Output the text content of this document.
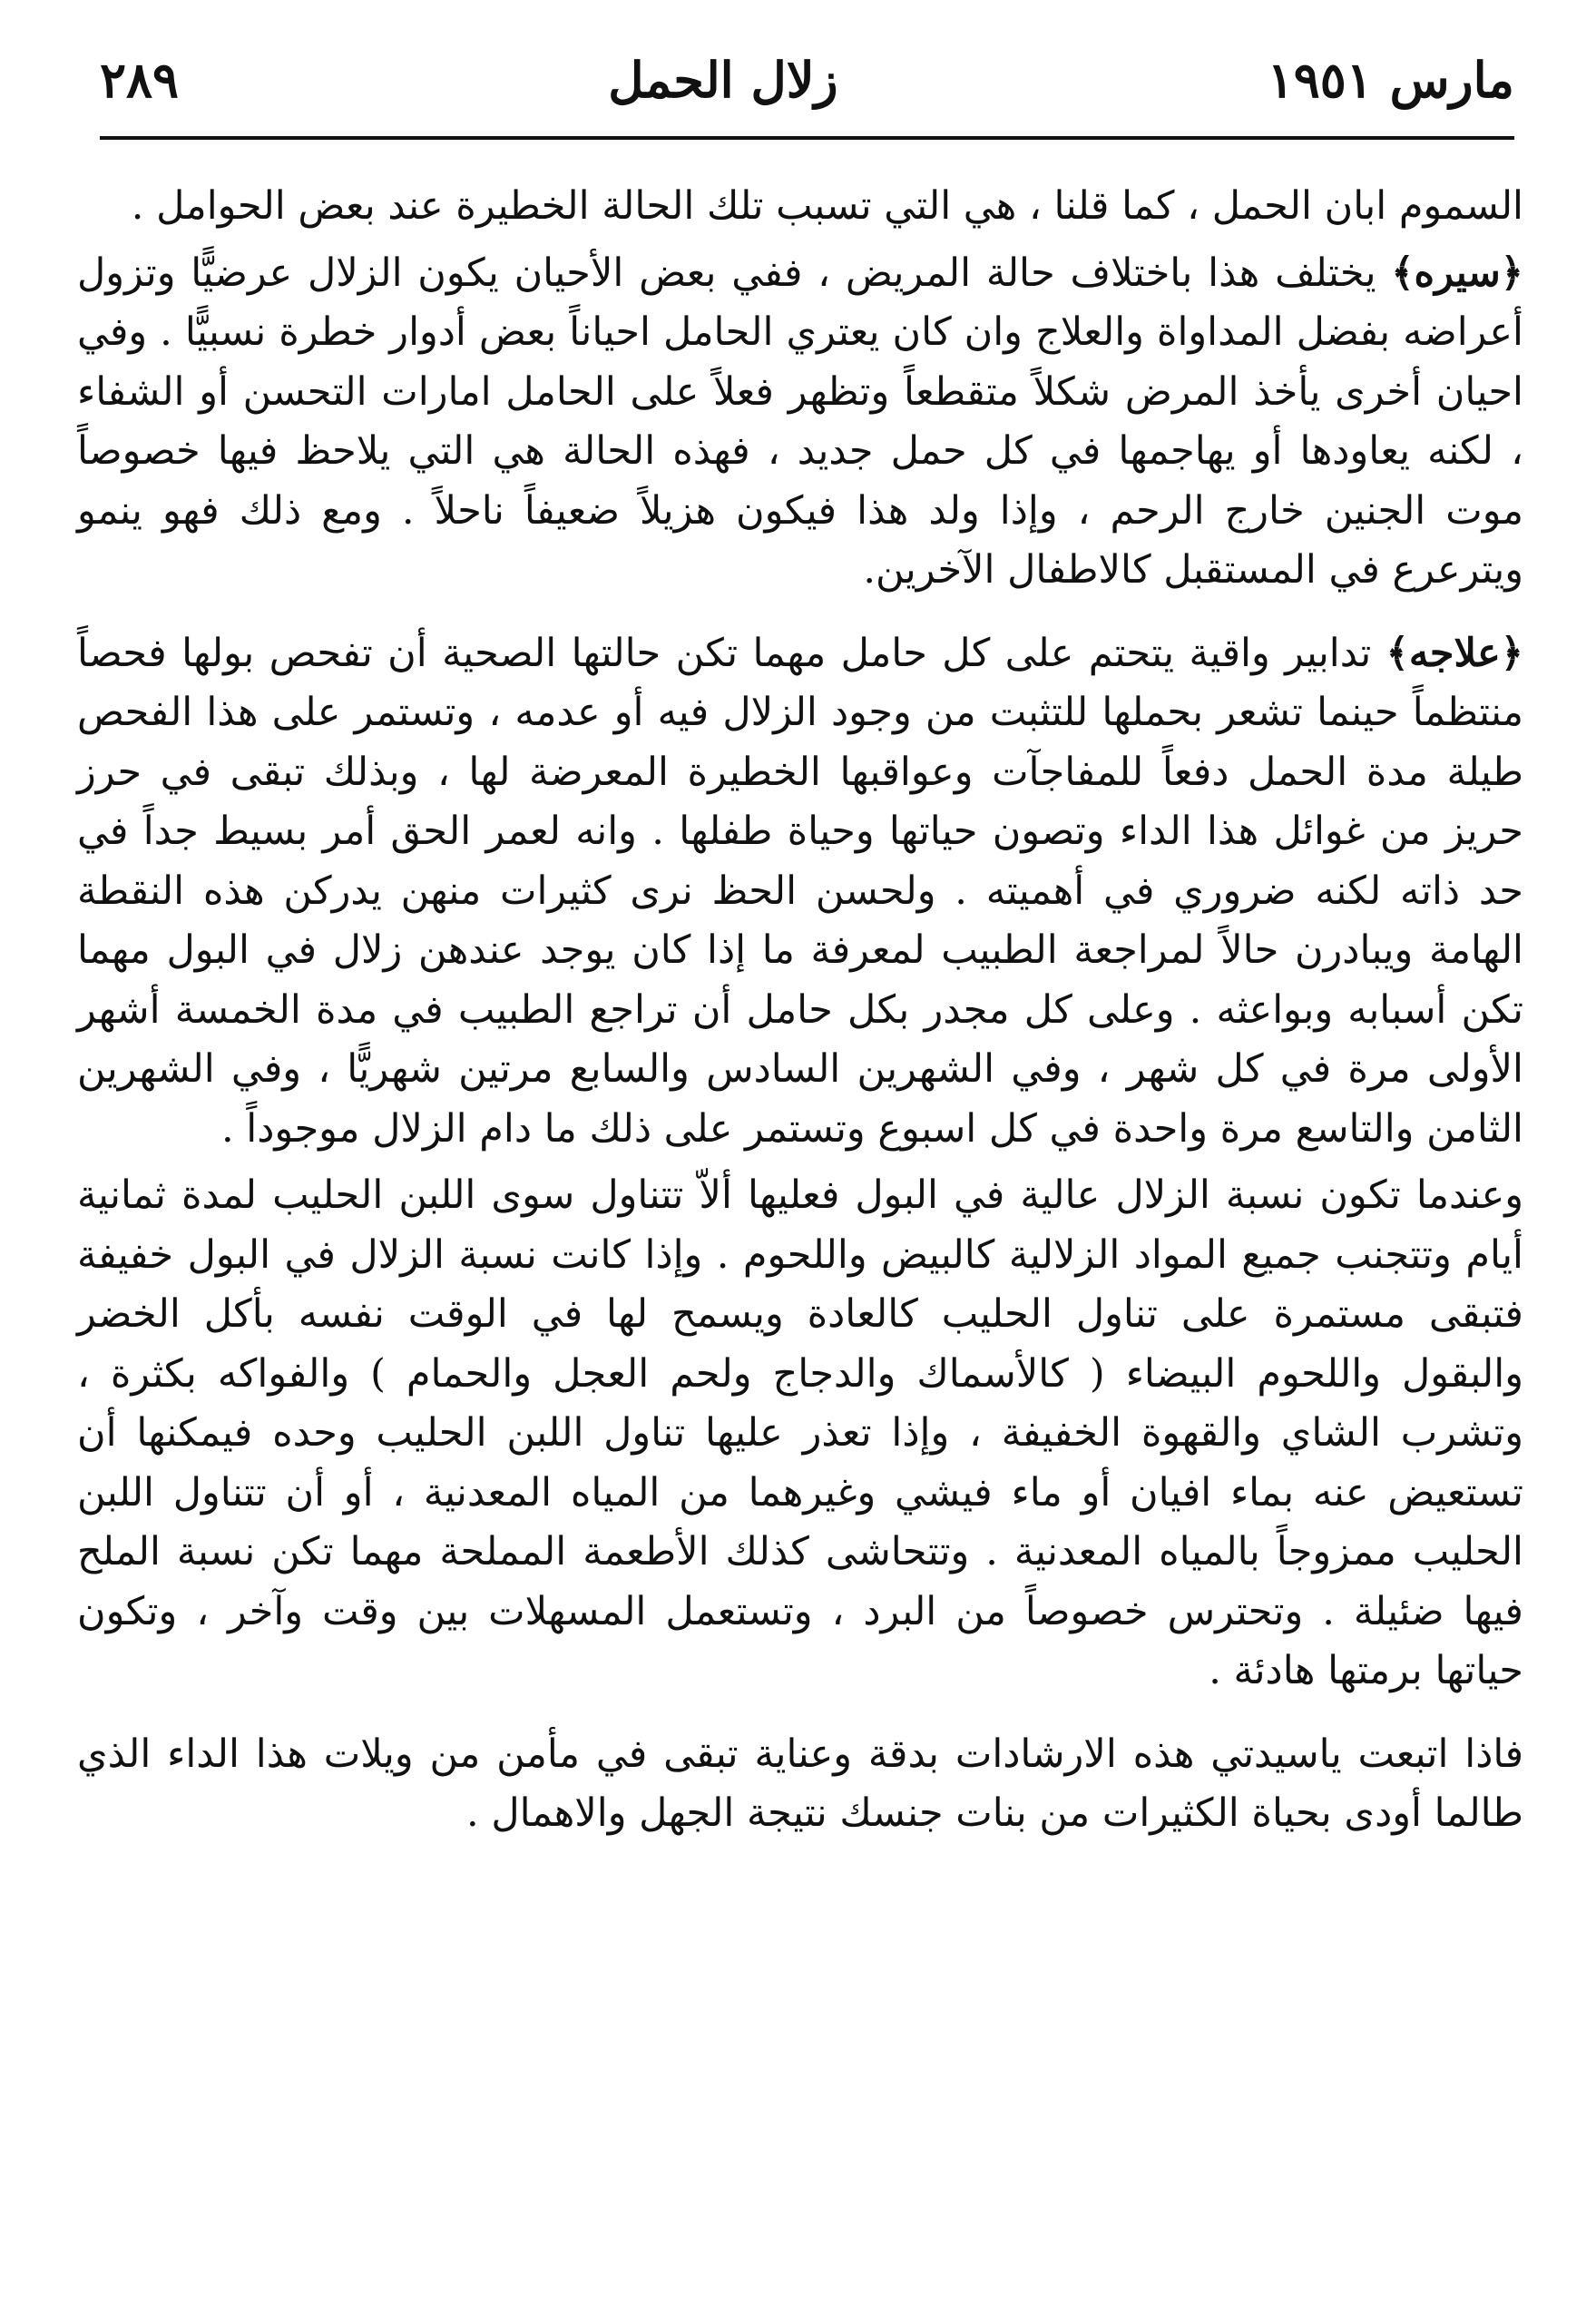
مارس ١٩٥١
زلال الحمل
٢٨٩

السموم ابان الحمل ، كما قلنا ، هي التي تسبب تلك الحالة الخطيرة عند بعض الحوامل .

﴿سيره﴾ يختلف هذا باختلاف حالة المريض ، ففي بعض الأحيان يكون الزلال عرضيًّا وتزول أعراضه بفضل المداواة والعلاج وان كان يعتري الحامل احياناً بعض أدوار خطرة نسبيًّا . وفي احيان أخرى يأخذ المرض شكلاً متقطعاً وتظهر فعلاً على الحامل امارات التحسن أو الشفاء ، لكنه يعاودها أو يهاجمها في كل حمل جديد ، فهذه الحالة هي التي يلاحظ فيها خصوصاً موت الجنين خارج الرحم ، وإذا ولد هذا فيكون هزيلاً ضعيفاً ناحلاً . ومع ذلك فهو ينمو ويترعرع في المستقبل كالاطفال الآخرين.

﴿علاجه﴾ تدابير واقية يتحتم على كل حامل مهما تكن حالتها الصحية أن تفحص بولها فحصاً منتظماً حينما تشعر بحملها للتثبت من وجود الزلال فيه أو عدمه ، وتستمر على هذا الفحص طيلة مدة الحمل دفعاً للمفاجآت وعواقبها الخطيرة المعرضة لها ، وبذلك تبقى في حرز حريز من غوائل هذا الداء وتصون حياتها وحياة طفلها . وانه لعمر الحق أمر بسيط جداً في حد ذاته لكنه ضروري في أهميته . ولحسن الحظ نرى كثيرات منهن يدركن هذه النقطة الهامة ويبادرن حالاً لمراجعة الطبيب لمعرفة ما إذا كان يوجد عندهن زلال في البول مهما تكن أسبابه وبواعثه . وعلى كل مجدر بكل حامل أن تراجع الطبيب في مدة الخمسة أشهر الأولى مرة في كل شهر ، وفي الشهرين السادس والسابع مرتين شهريًّا ، وفي الشهرين الثامن والتاسع مرة واحدة في كل اسبوع وتستمر على ذلك ما دام الزلال موجوداً .

وعندما تكون نسبة الزلال عالية في البول فعليها ألاّ تتناول سوى اللبن الحليب لمدة ثمانية أيام وتتجنب جميع المواد الزلالية كالبيض واللحوم . وإذا كانت نسبة الزلال في البول خفيفة فتبقى مستمرة على تناول الحليب كالعادة ويسمح لها في الوقت نفسه بأكل الخضر والبقول واللحوم البيضاء ( كالأسماك والدجاج ولحم العجل والحمام ) والفواكه بكثرة ، وتشرب الشاي والقهوة الخفيفة ، وإذا تعذر عليها تناول اللبن الحليب وحده فيمكنها أن تستعيض عنه بماء افيان أو ماء فيشي وغيرهما من المياه المعدنية ، أو أن تتناول اللبن الحليب ممزوجاً بالمياه المعدنية . وتتحاشى كذلك الأطعمة المملحة مهما تكن نسبة الملح فيها ضئيلة . وتحترس خصوصاً من البرد ، وتستعمل المسهلات بين وقت وآخر ، وتكون حياتها برمتها هادئة .

فاذا اتبعت ياسيدتي هذه الارشادات بدقة وعناية تبقى في مأمن من ويلات هذا الداء الذي طالما أودى بحياة الكثيرات من بنات جنسك نتيجة الجهل والاهمال .
